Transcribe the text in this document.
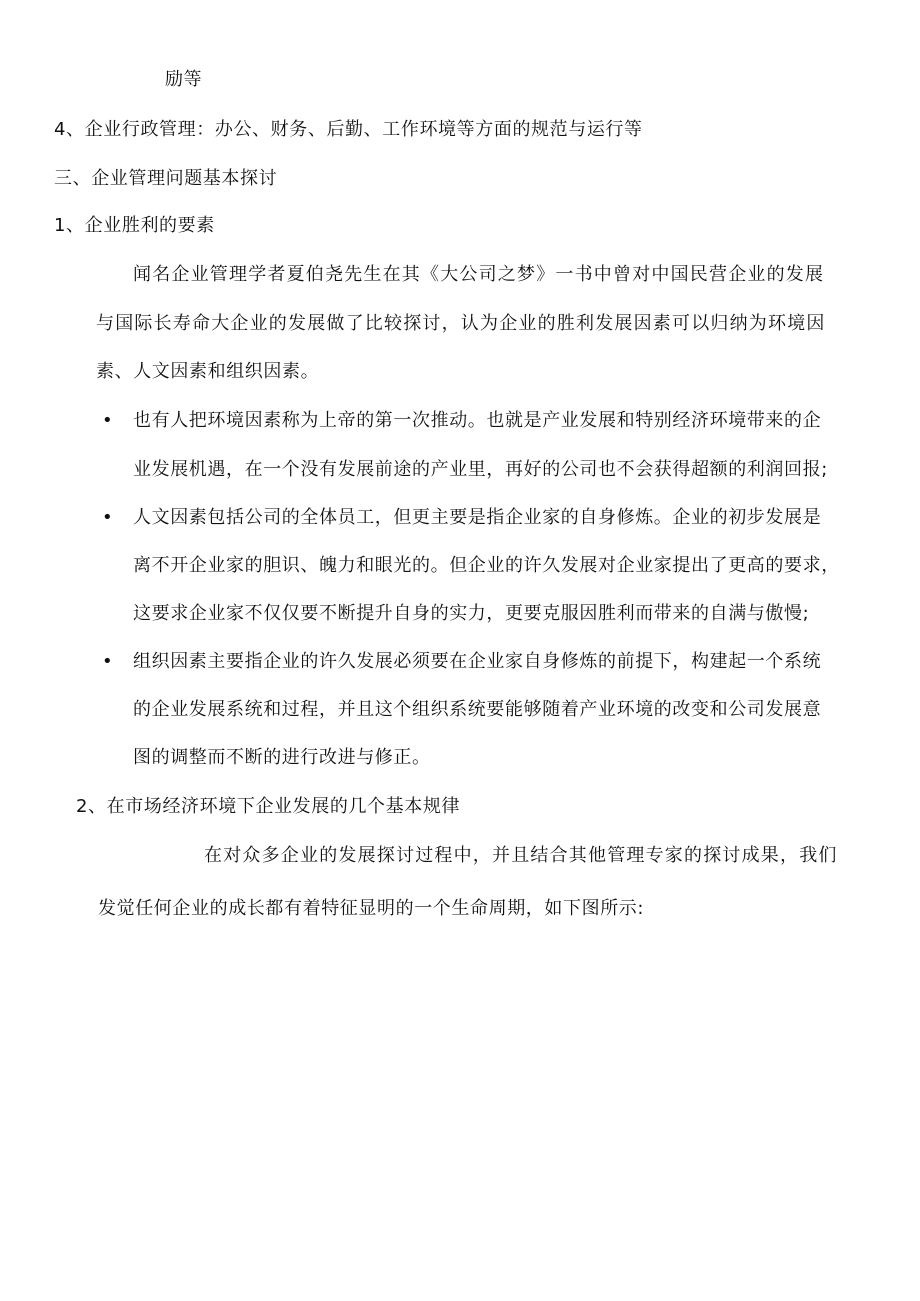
励等
4、企业行政管理：办公、财务、后勤、工作环境等方面的规范与运行等
三、企业管理问题基本探讨
1、企业胜利的要素
闻名企业管理学者夏伯尧先生在其《大公司之梦》一书中曾对中国民营企业的发展
与国际长寿命大企业的发展做了比较探讨，认为企业的胜利发展因素可以归纳为环境因
素、人文因素和组织因素。
• 也有人把环境因素称为上帝的第一次推动。也就是产业发展和特别经济环境带来的企
业发展机遇，在一个没有发展前途的产业里，再好的公司也不会获得超额的利润回报;
• 人文因素包括公司的全体员工，但更主要是指企业家的自身修炼。企业的初步发展是
离不开企业家的胆识、魄力和眼光的。但企业的许久发展对企业家提出了更高的要求，
这要求企业家不仅仅要不断提升自身的实力，更要克服因胜利而带来的自满与傲慢;
• 组织因素主要指企业的许久发展必须要在企业家自身修炼的前提下，构建起一个系统
的企业发展系统和过程，并且这个组织系统要能够随着产业环境的改变和公司发展意
图的调整而不断的进行改进与修正。
2、在市场经济环境下企业发展的几个基本规律
在对众多企业的发展探讨过程中，并且结合其他管理专家的探讨成果，我们
发觉任何企业的成长都有着特征显明的一个生命周期，如下图所示:
